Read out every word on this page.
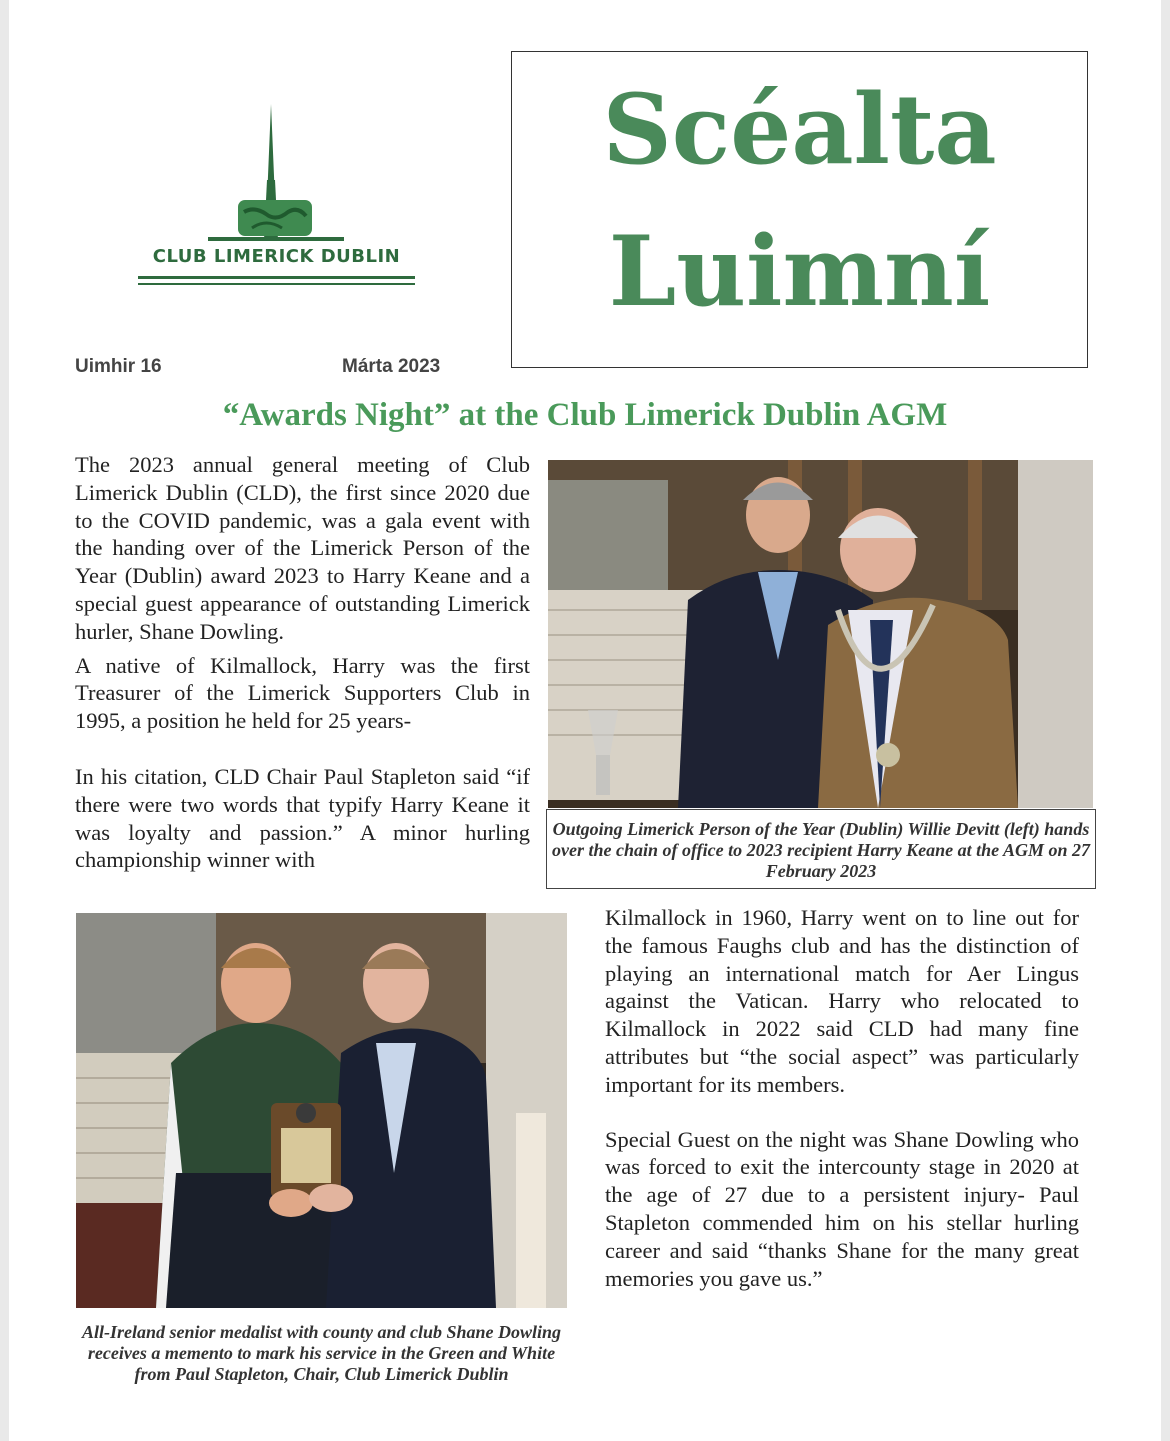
CLUB LIMERICK DUBLIN
Scéalta
Luimní
Uimhir 16	Márta 2023
“Awards Night” at the Club Limerick Dublin AGM

The 2023 annual general meeting of Club Limerick Dublin (CLD), the first since 2020 due to the COVID pandemic, was a gala event with the handing over of the Limerick Person of the Year (Dublin) award 2023 to Harry Keane and a special guest appearance of outstanding Limerick hurler, Shane Dowling.

A native of Kilmallock, Harry was the first Treasurer of the Limerick Supporters Club in 1995, a position he held for 25 years-

In his citation, CLD Chair Paul Stapleton said “if there were two words that typify Harry Keane it was loyalty and passion.” A minor hurling championship winner with

Outgoing Limerick Person of the Year (Dublin) Willie Devitt (left) hands over the chain of office to 2023 recipient Harry Keane at the AGM on 27 February 2023
All-Ireland senior medalist with county and club Shane Dowling receives a memento to mark his service in the Green and White from Paul Stapleton, Chair, Club Limerick Dublin

Kilmallock in 1960, Harry went on to line out for the famous Faughs club and has the distinction of playing an international match for Aer Lingus against the Vatican. Harry who relocated to Kilmallock in 2022 said CLD had many fine attributes but “the social aspect” was particularly important for its members.

Special Guest on the night was Shane Dowling who was forced to exit the intercounty stage in 2020 at the age of 27 due to a persistent injury- Paul Stapleton commended him on his stellar hurling career and said “thanks Shane for the many great memories you gave us.”
